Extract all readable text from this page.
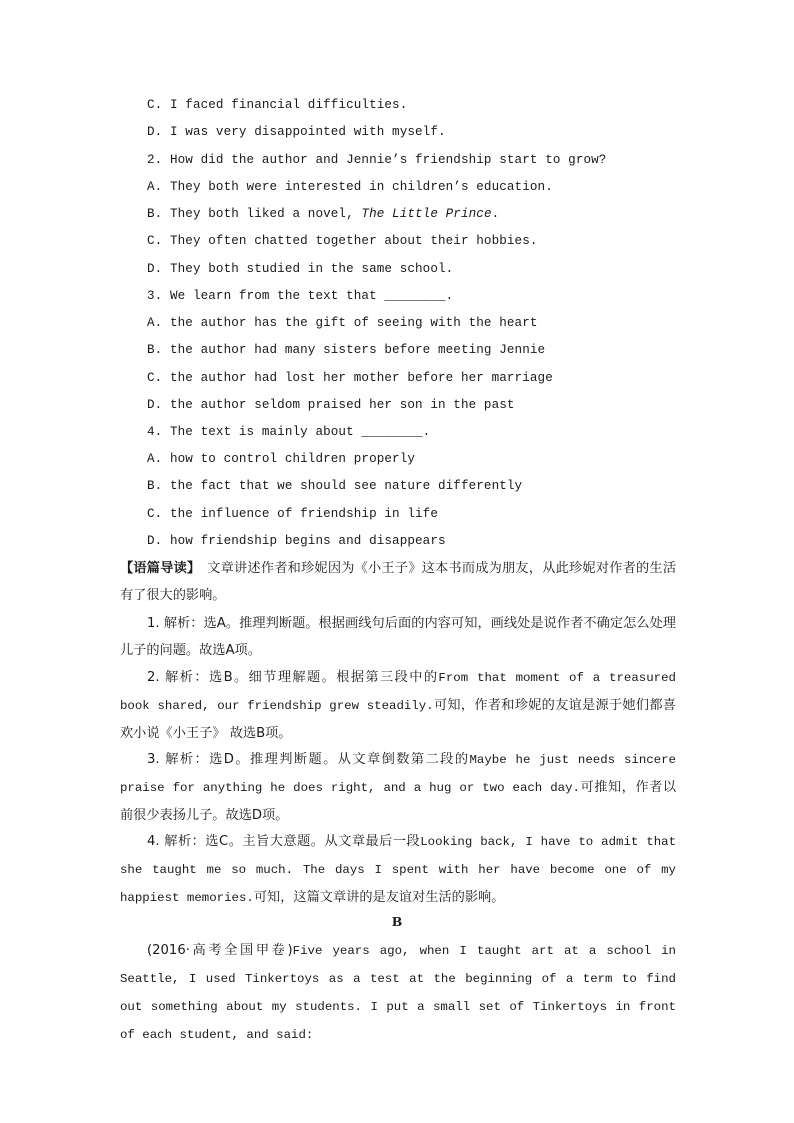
C. I faced financial difficulties.
D. I was very disappointed with myself.
2. How did the author and Jennie’s friendship start to grow?
A. They both were interested in children’s education.
B. They both liked a novel, The Little Prince.
C. They often chatted together about their hobbies.
D. They both studied in the same school.
3. We learn from the text that ________.
A. the author has the gift of seeing with the heart
B. the author had many sisters before meeting Jennie
C. the author had lost her mother before her marriage
D. the author seldom praised her son in the past
4. The text is mainly about ________.
A. how to control children properly
B. the fact that we should see nature differently
C. the influence of friendship in life
D. how friendship begins and disappears
【语篇导读】　文章讲述作者和珍妮因为《小王子》这本书而成为朋友，从此珍妮对作者的生活有了很大的影响。
1. 解析：选A。推理判断题。根据画线句后面的内容可知，画线处是说作者不确定怎么处理儿子的问题。故选A项。
2. 解析：选B。细节理解题。根据第三段中的From that moment of a treasured book shared, our friendship grew steadily.可知，作者和珍妮的友谊是源于她们都喜欢小说《小王子》 故选B项。
3. 解析：选D。推理判断题。从文章倒数第二段的Maybe he just needs sincere praise for anything he does right, and a hug or two each day.可推知，作者以前很少表扬儿子。故选D项。
4. 解析：选C。主旨大意题。从文章最后一段Looking back, I have to admit that she taught me so much. The days I spent with her have become one of my happiest memories.可知，这篇文章讲的是友谊对生活的影响。
B
(2016·高考全国甲卷)Five years ago, when I taught art at a school in Seattle, I used Tinkertoys as a test at the beginning of a term to find out something about my students. I put a small set of Tinkertoys in front of each student, and said:
